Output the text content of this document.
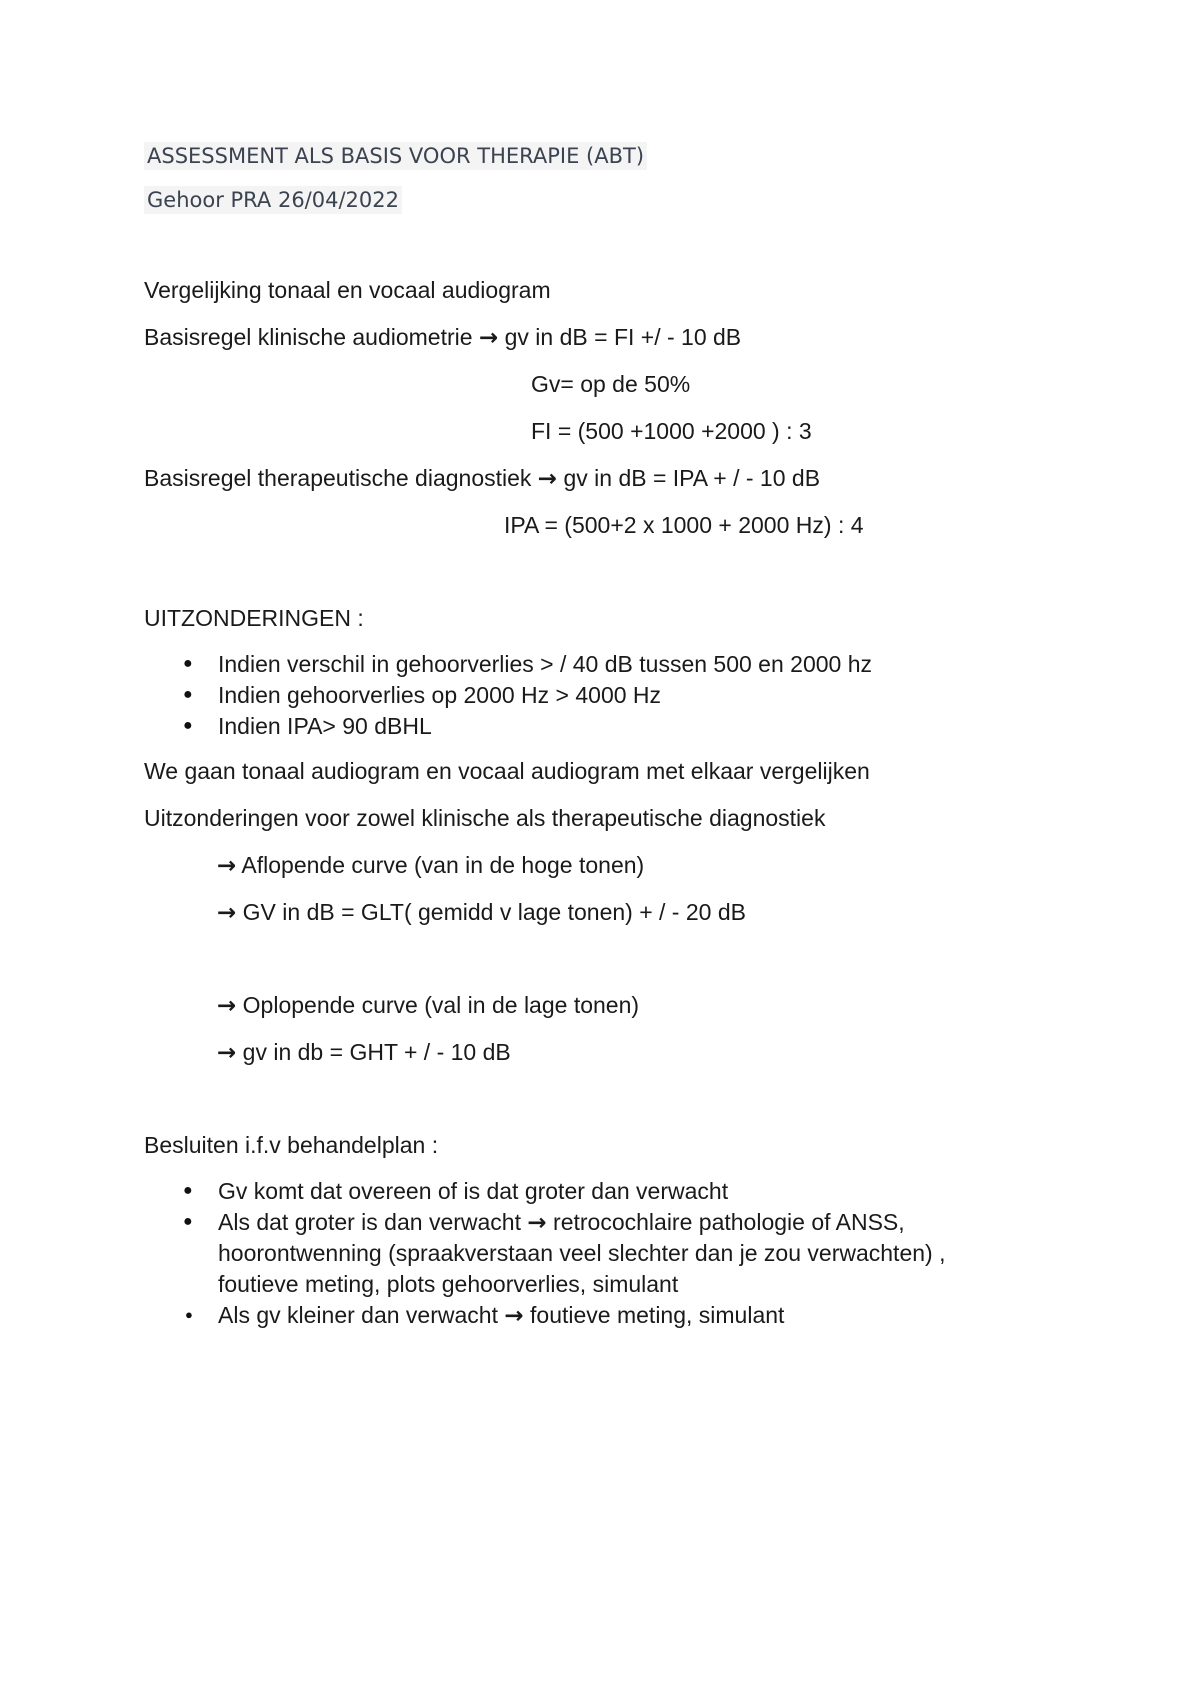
ASSESSMENT ALS BASIS VOOR THERAPIE (ABT)
Gehoor PRA 26/04/2022
Vergelijking tonaal en vocaal audiogram
Basisregel klinische audiometrie → gv in dB = FI +/ - 10 dB
Gv= op de 50%
FI = (500 +1000 +2000 ) : 3
Basisregel therapeutische diagnostiek → gv in dB = IPA + / - 10 dB
IPA = (500+2 x 1000 + 2000 Hz) : 4
UITZONDERINGEN :
● Indien verschil in gehoorverlies > / 40 dB tussen 500 en 2000 hz
● Indien gehoorverlies op 2000 Hz > 4000 Hz
● Indien IPA> 90 dBHL
We gaan tonaal audiogram en vocaal audiogram met elkaar vergelijken
Uitzonderingen voor zowel klinische als therapeutische diagnostiek
→ Aflopende curve (van in de hoge tonen)
→ GV in dB = GLT( gemidd v lage tonen) + / - 20 dB
→ Oplopende curve (val in de lage tonen)
→ gv in db = GHT + / - 10 dB
Besluiten i.f.v behandelplan :
● Gv komt dat overeen of is dat groter dan verwacht
● Als dat groter is dan verwacht → retrocochlaire pathologie of ANSS,
hoorontwenning (spraakverstaan veel slechter dan je zou verwachten) ,
foutieve meting, plots gehoorverlies, simulant
● Als gv kleiner dan verwacht → foutieve meting, simulant
